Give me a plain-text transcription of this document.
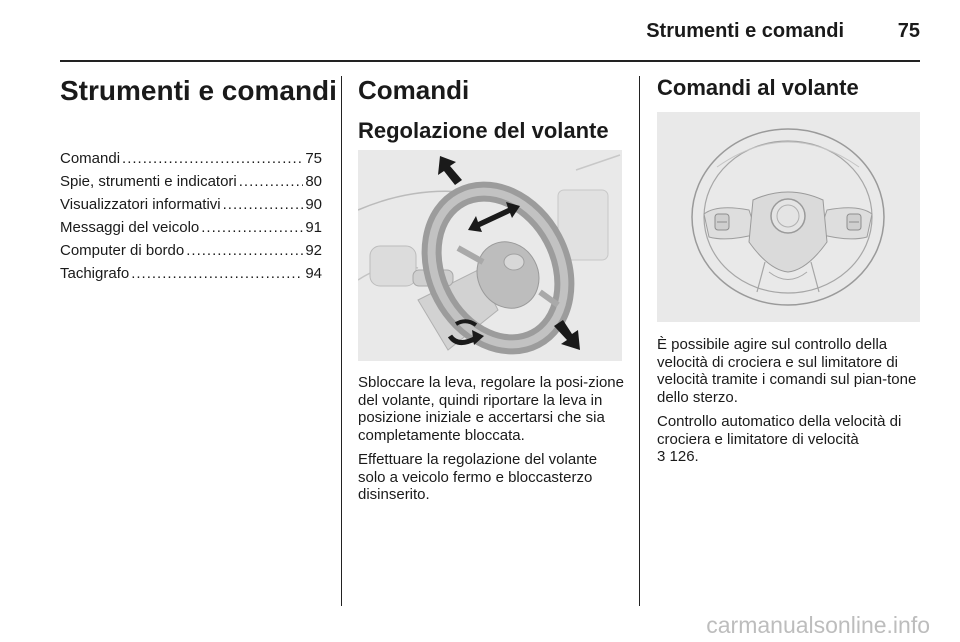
Strumenti e comandi	75
Strumenti e comandi
Comandi .....	75
Spie, strumenti e indicatori .....	80
Visualizzatori informativi .....	90
Messaggi del veicolo .....	91
Computer di bordo .....	92
Tachigrafo .....	94
Comandi
Regolazione del volante

Sbloccare la leva, regolare la posi-zione del volante, quindi riportare la leva in posizione iniziale e accertarsi che sia completamente bloccata.

Effettuare la regolazione del volante solo a veicolo fermo e bloccasterzo disinserito.

Comandi al volante

È possibile agire sul controllo della velocità di crociera e sul limitatore di velocità tramite i comandi sul pian-tone dello sterzo.

Controllo automatico della velocità di crociera e limitatore di velocità
3 126.

carmanualsonline.info
